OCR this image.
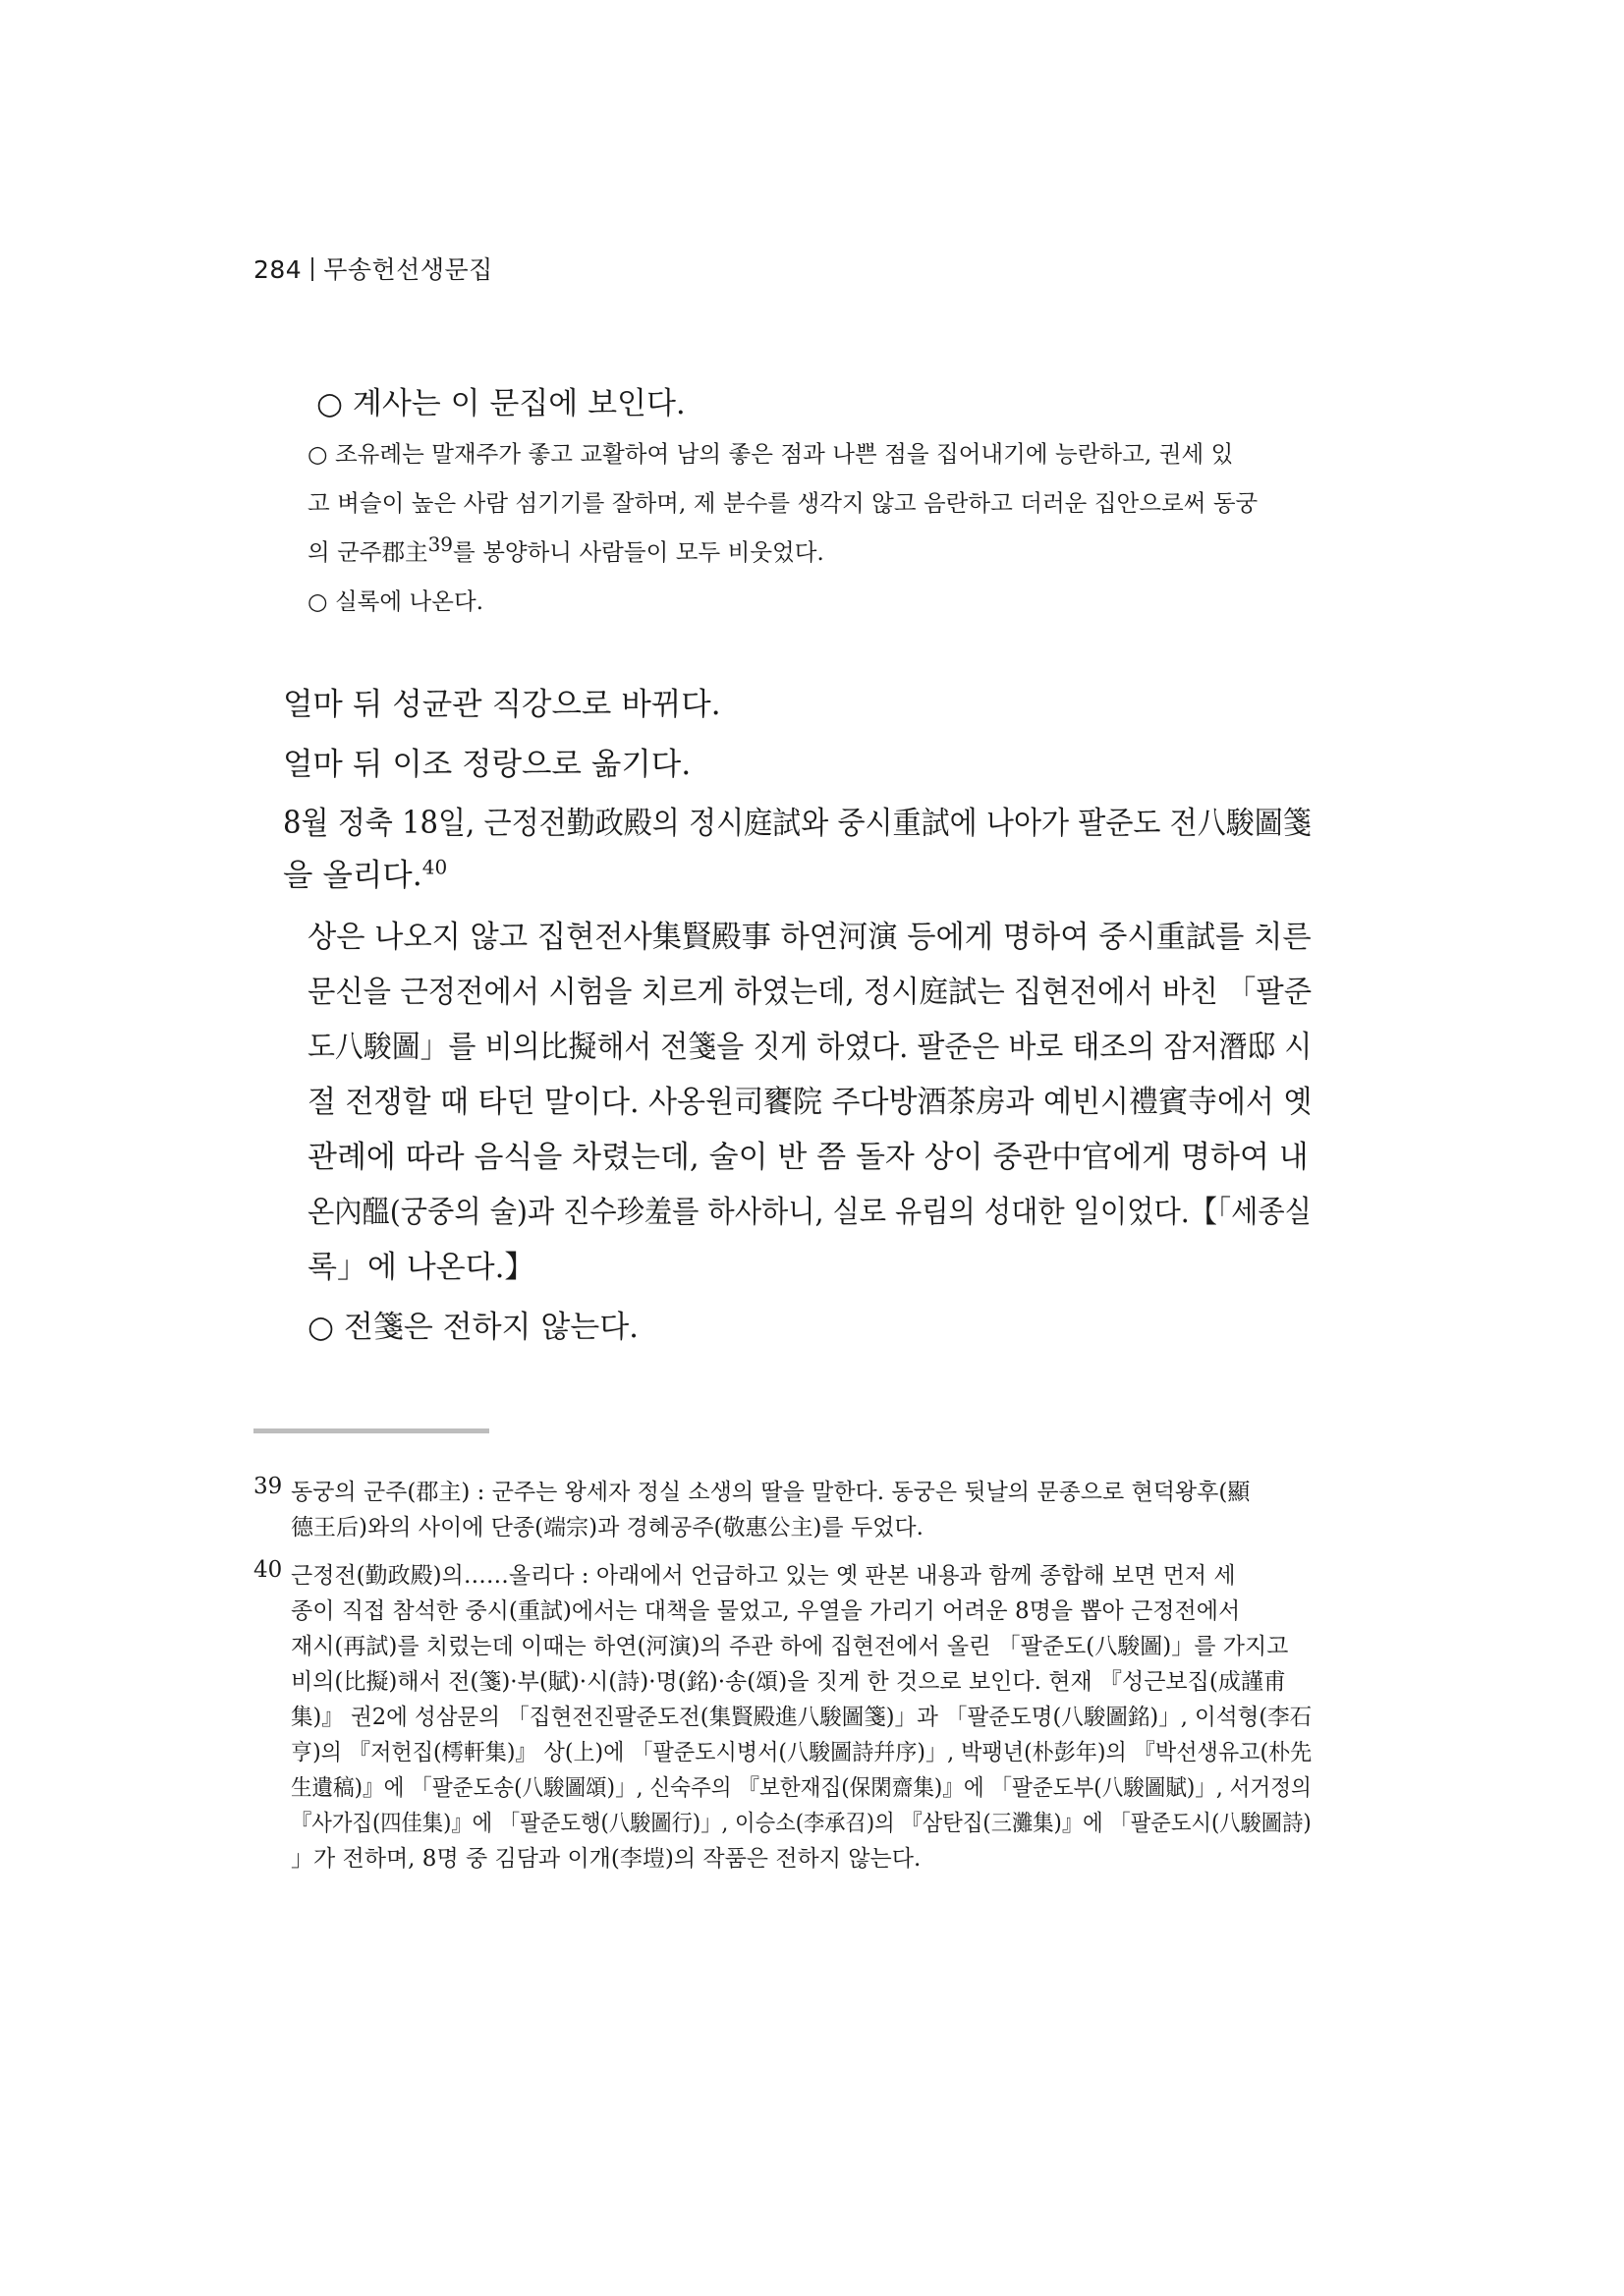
284 무송헌선생문집
○ 계사는 이 문집에 보인다.
○ 조유례는 말재주가 좋고 교활하여 남의 좋은 점과 나쁜 점을 집어내기에 능란하고, 권세 있
고 벼슬이 높은 사람 섬기기를 잘하며, 제 분수를 생각지 않고 음란하고 더러운 집안으로써 동궁
의 군주郡主39를 봉양하니 사람들이 모두 비웃었다.
○ 실록에 나온다.
얼마 뒤 성균관 직강으로 바뀌다.
얼마 뒤 이조 정랑으로 옮기다.
8월 정축 18일, 근정전勤政殿의 정시庭試와 중시重試에 나아가 팔준도 전八駿圖箋
을 올리다.$^{40}$
상은 나오지 않고 집현전사集賢殿事 하연河演 등에게 명하여 중시重試를 치른
문신을 근정전에서 시험을 치르게 하였는데, 정시庭試는 집현전에서 바친 「팔준
도八駿圖」를 비의比擬해서 전箋을 짓게 하였다. 팔준은 바로 태조의 잠저潛邸 시
절 전쟁할 때 타던 말이다. 사옹원司饔院 주다방酒茶房과 예빈시禮賓寺에서 옛
관례에 따라 음식을 차렸는데, 술이 반 쯤 돌자 상이 중관中官에게 명하여 내
온內醞(궁중의 술)과 진수珍羞를 하사하니, 실로 유림의 성대한 일이었다.【「세종실
록」에 나온다.】
○ 전箋은 전하지 않는다.
39 동궁의 군주(郡主) : 군주는 왕세자 정실 소생의 딸을 말한다. 동궁은 뒷날의 문종으로 현덕왕후(顯
德王后)와의 사이에 단종(端宗)과 경혜공주(敬惠公主)를 두었다.
40 근정전(勤政殿)의……올리다 : 아래에서 언급하고 있는 옛 판본 내용과 함께 종합해 보면 먼저 세
종이 직접 참석한 중시(重試)에서는 대책을 물었고, 우열을 가리기 어려운 8명을 뽑아 근정전에서
재시(再試)를 치렀는데 이때는 하연(河演)의 주관 하에 집현전에서 올린 「팔준도(八駿圖)」를 가지고
비의(比擬)해서 전(箋)·부(賦)·시(詩)·명(銘)·송(頌)을 짓게 한 것으로 보인다. 현재 『성근보집(成謹甫
集)』 권2에 성삼문의 「집현전진팔준도전(集賢殿進八駿圖箋)」과 「팔준도명(八駿圖銘)」, 이석형(李石
亨)의 『저헌집(樗軒集)』 상(上)에 「팔준도시병서(八駿圖詩幷序)」, 박팽년(朴彭年)의 『박선생유고(朴先
生遺稿)』에 「팔준도송(八駿圖頌)」, 신숙주의 『보한재집(保閑齋集)』에 「팔준도부(八駿圖賦)」, 서거정의
『사가집(四佳集)』에 「팔준도행(八駿圖行)」, 이승소(李承召)의 『삼탄집(三灘集)』에 「팔준도시(八駿圖詩)
」가 전하며, 8명 중 김담과 이개(李塏)의 작품은 전하지 않는다.
